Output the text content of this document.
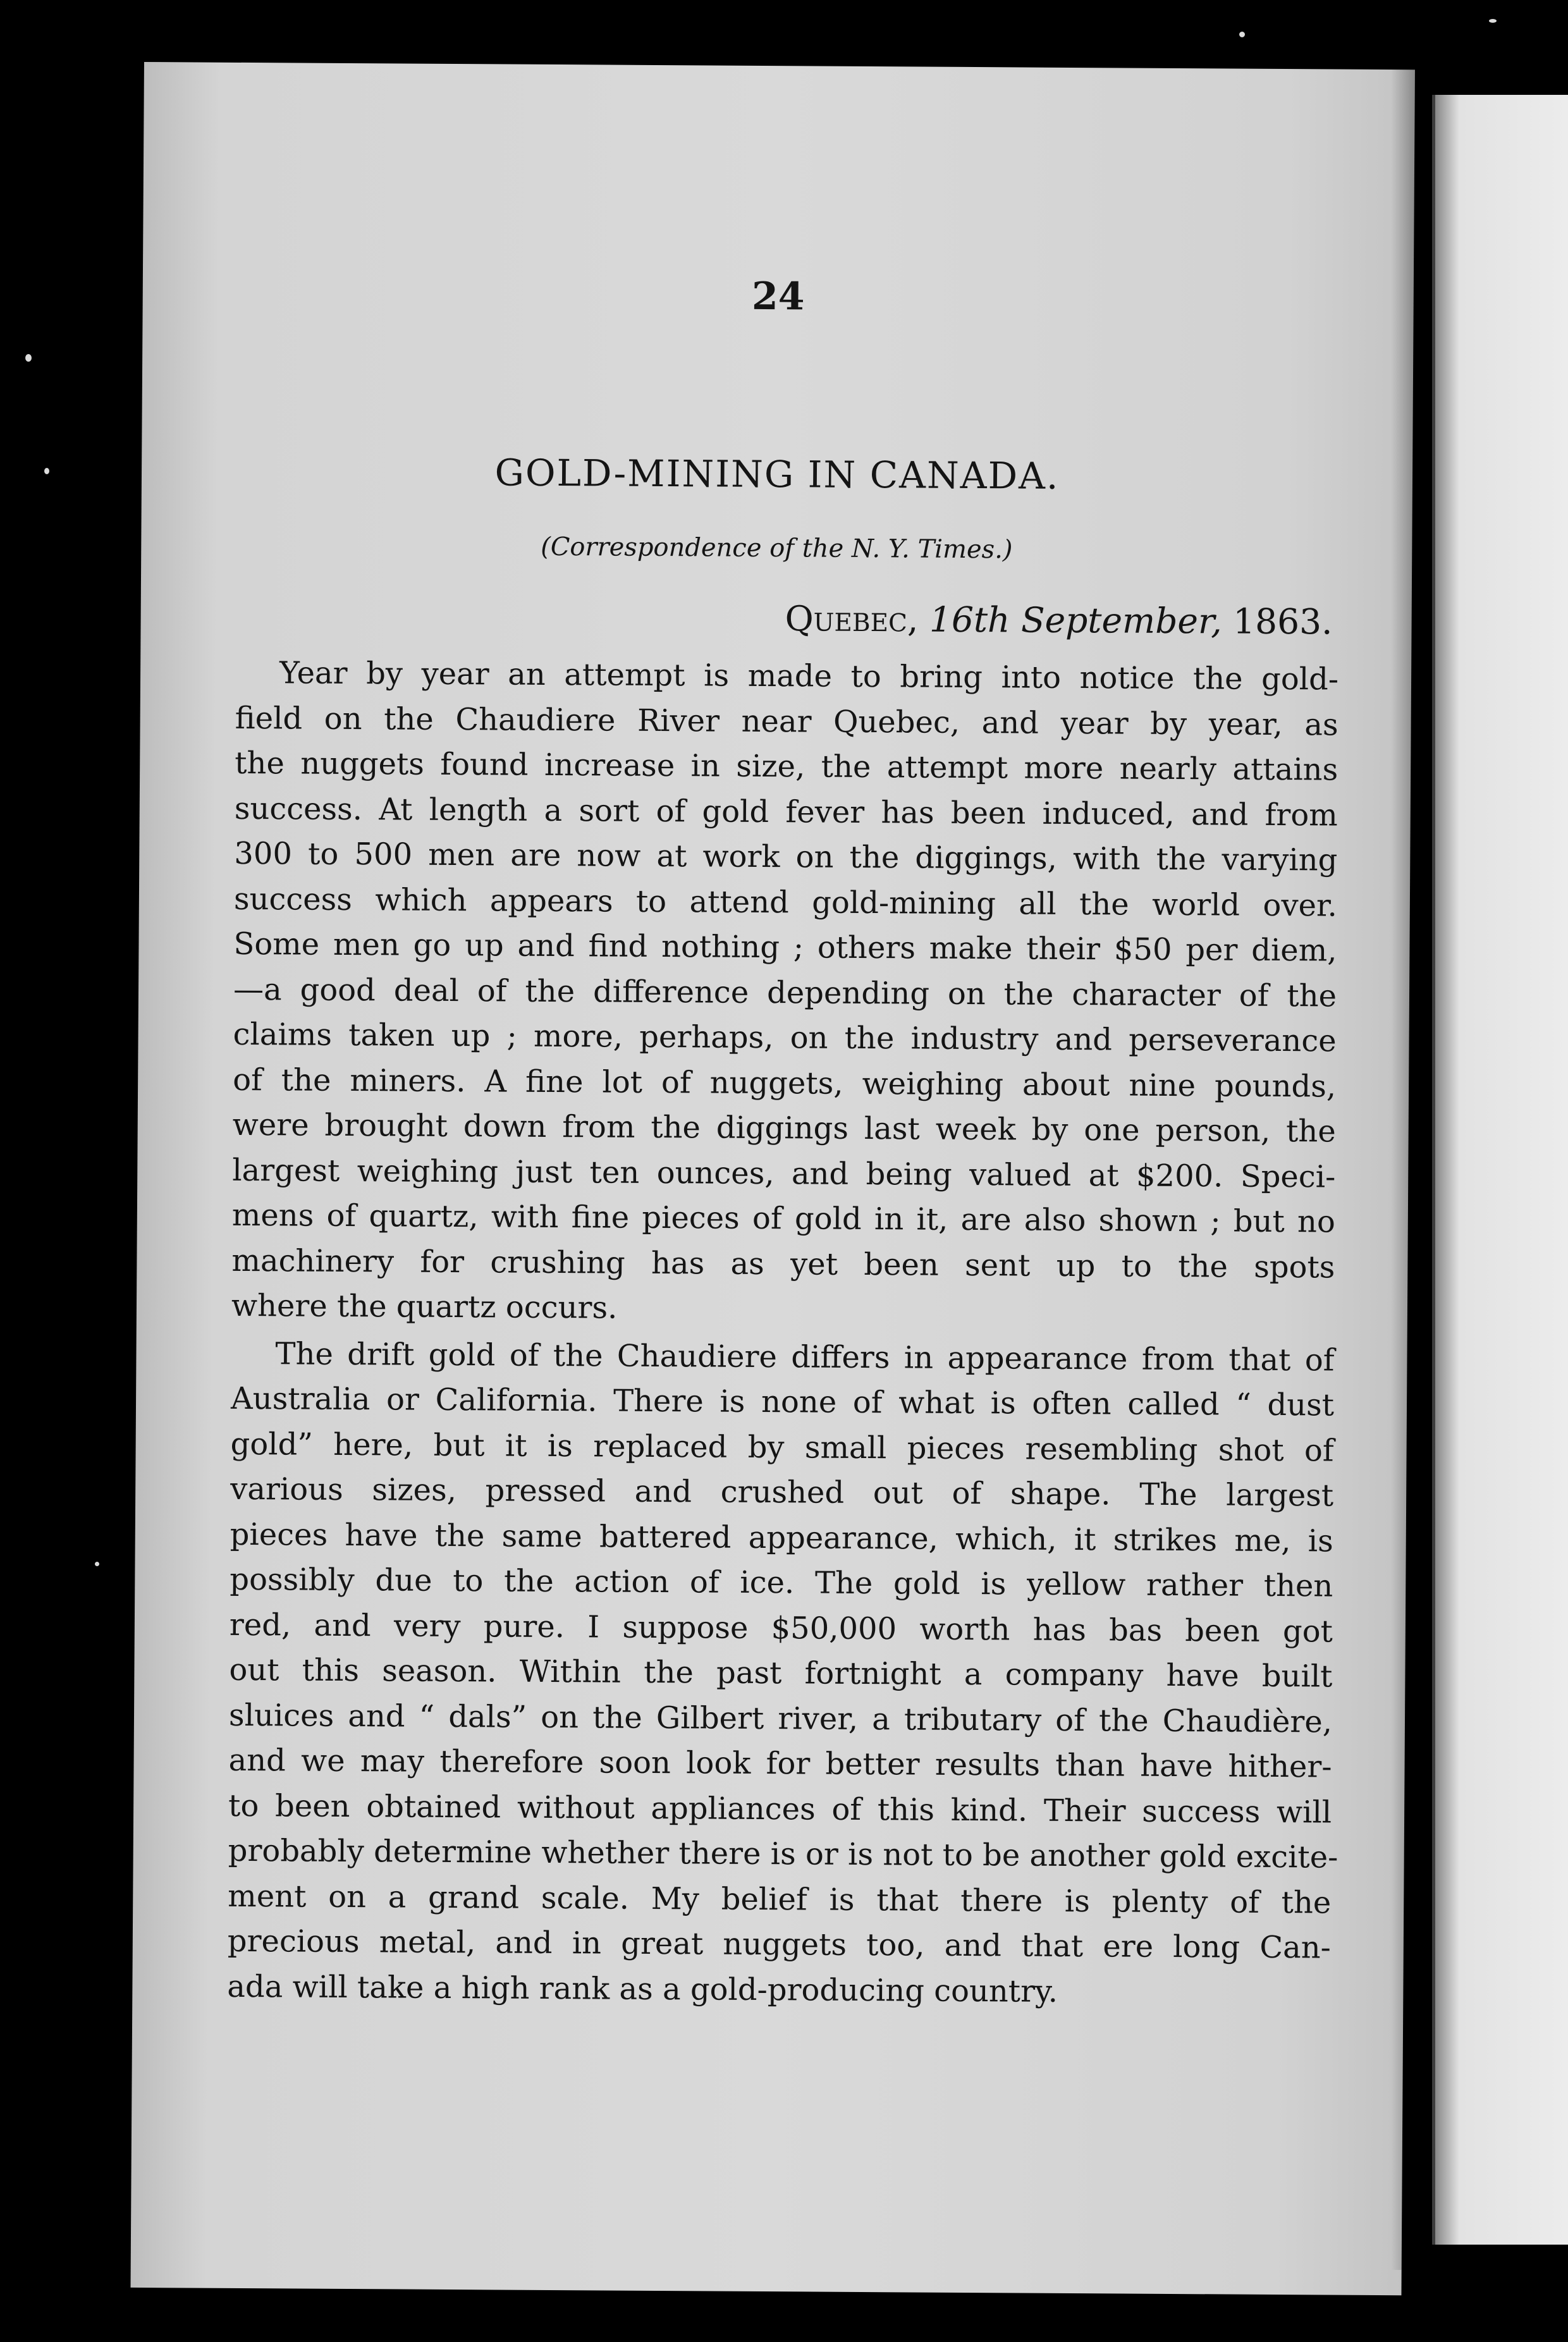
24
GOLD-MINING IN CANADA.
(Correspondence of the N. Y. Times.)
Quebec, 16th September, 1863.

Year by year an attempt is made to bring into notice the gold-
field on the Chaudiere River near Quebec, and year by year, as
the nuggets found increase in size, the attempt more nearly attains
success. At length a sort of gold fever has been induced, and from
300 to 500 men are now at work on the diggings, with the varying
success which appears to attend gold-mining all the world over.
Some men go up and find nothing ; others make their $50 per diem,
—a good deal of the difference depending on the character of the
claims taken up ; more, perhaps, on the industry and perseverance
of the miners. A fine lot of nuggets, weighing about nine pounds,
were brought down from the diggings last week by one person, the
largest weighing just ten ounces, and being valued at $200. Speci-
mens of quartz, with fine pieces of gold in it, are also shown ; but no
machinery for crushing has as yet been sent up to the spots
where the quartz occurs.

The drift gold of the Chaudiere differs in appearance from that of
Australia or California. There is none of what is often called “ dust
gold” here, but it is replaced by small pieces resembling shot of
various sizes, pressed and crushed out of shape. The largest
pieces have the same battered appearance, which, it strikes me, is
possibly due to the action of ice. The gold is yellow rather then
red, and very pure. I suppose $50,000 worth has bas been got
out this season. Within the past fortnight a company have built
sluices and “ dals” on the Gilbert river, a tributary of the Chaudière,
and we may therefore soon look for better results than have hither-
to been obtained without appliances of this kind. Their success will
probably determine whether there is or is not to be another gold excite-
ment on a grand scale. My belief is that there is plenty of the
precious metal, and in great nuggets too, and that ere long Can-
ada will take a high rank as a gold-producing country.
